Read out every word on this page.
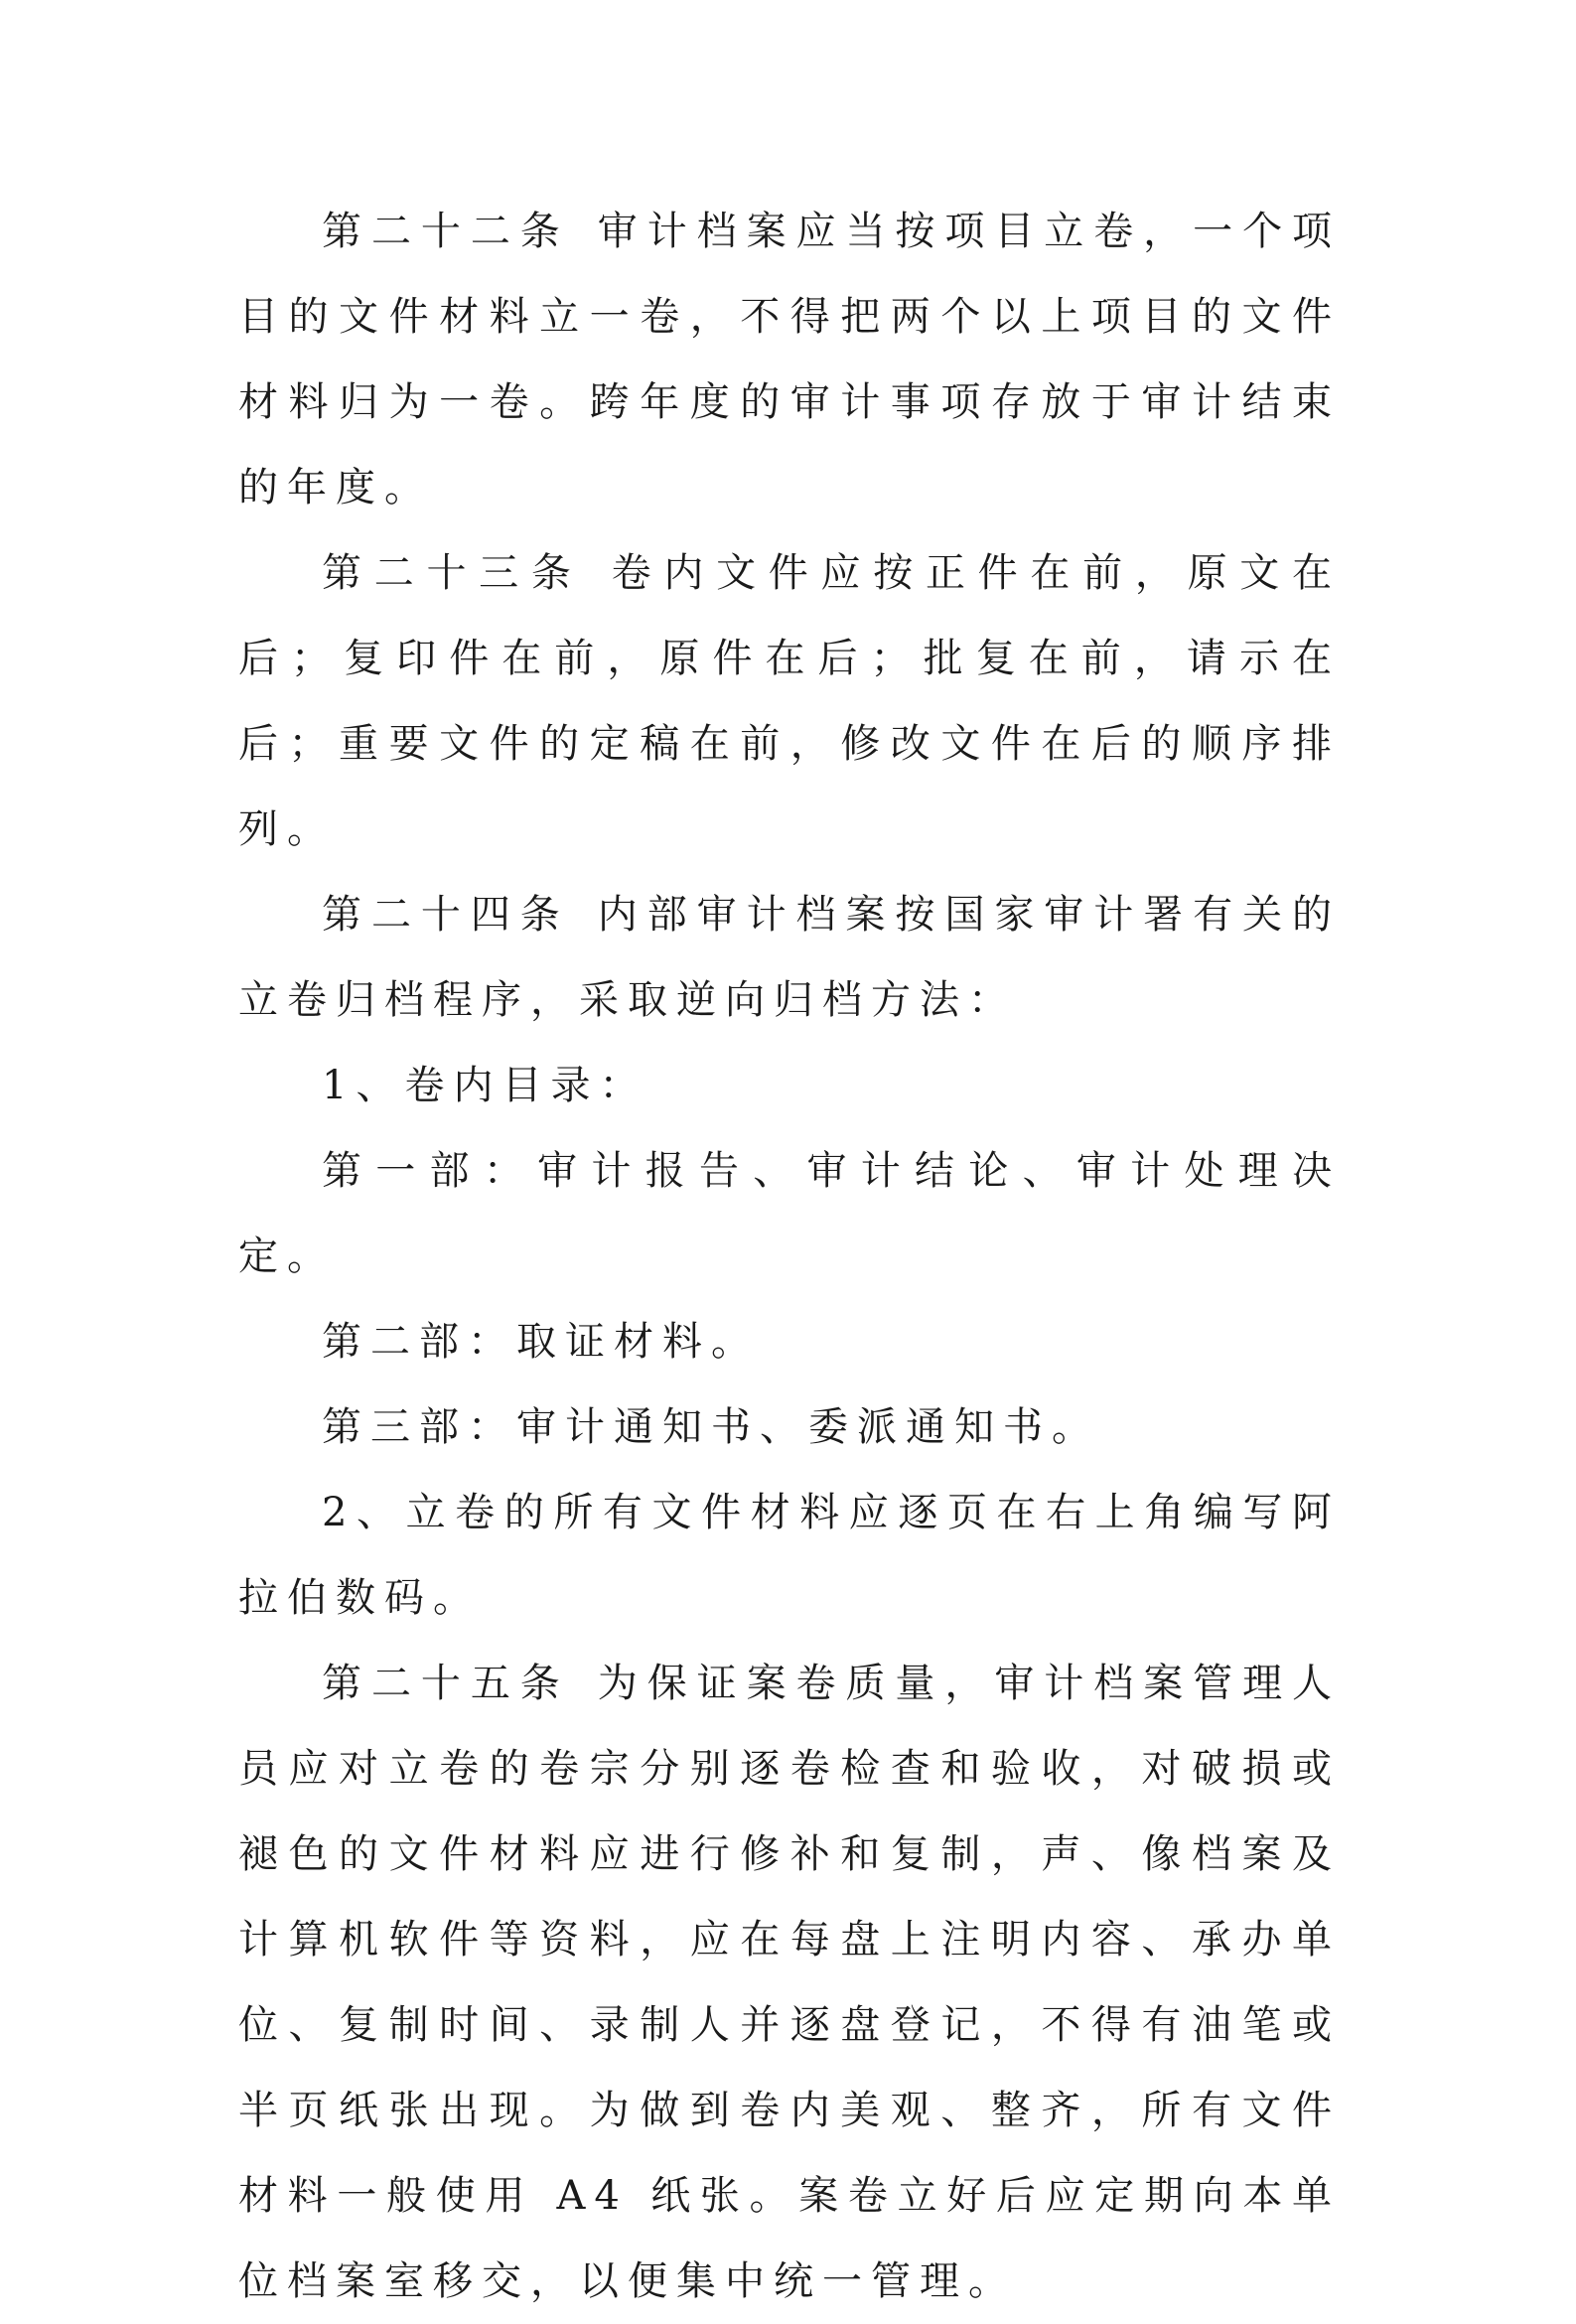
第二十二条 审计档案应当按项目立卷，一个项目的文件材料立一卷，不得把两个以上项目的文件材料归为一卷。跨年度的审计事项存放于审计结束的年度。

第二十三条 卷内文件应按正件在前，原文在后；复印件在前，原件在后；批复在前，请示在后；重要文件的定稿在前，修改文件在后的顺序排列。

第二十四条 内部审计档案按国家审计署有关的立卷归档程序，采取逆向归档方法：

1、卷内目录：

第一部：审计报告、审计结论、审计处理决定。

第二部：取证材料。

第三部：审计通知书、委派通知书。

2、立卷的所有文件材料应逐页在右上角编写阿拉伯数码。

第二十五条 为保证案卷质量，审计档案管理人员应对立卷的卷宗分别逐卷检查和验收，对破损或褪色的文件材料应进行修补和复制，声、像档案及计算机软件等资料，应在每盘上注明内容、承办单位、复制时间、录制人并逐盘登记，不得有油笔或半页纸张出现。为做到卷内美观、整齐，所有文件材料一般使用 A4 纸张。案卷立好后应定期向本单位档案室移交，以便集中统一管理。
